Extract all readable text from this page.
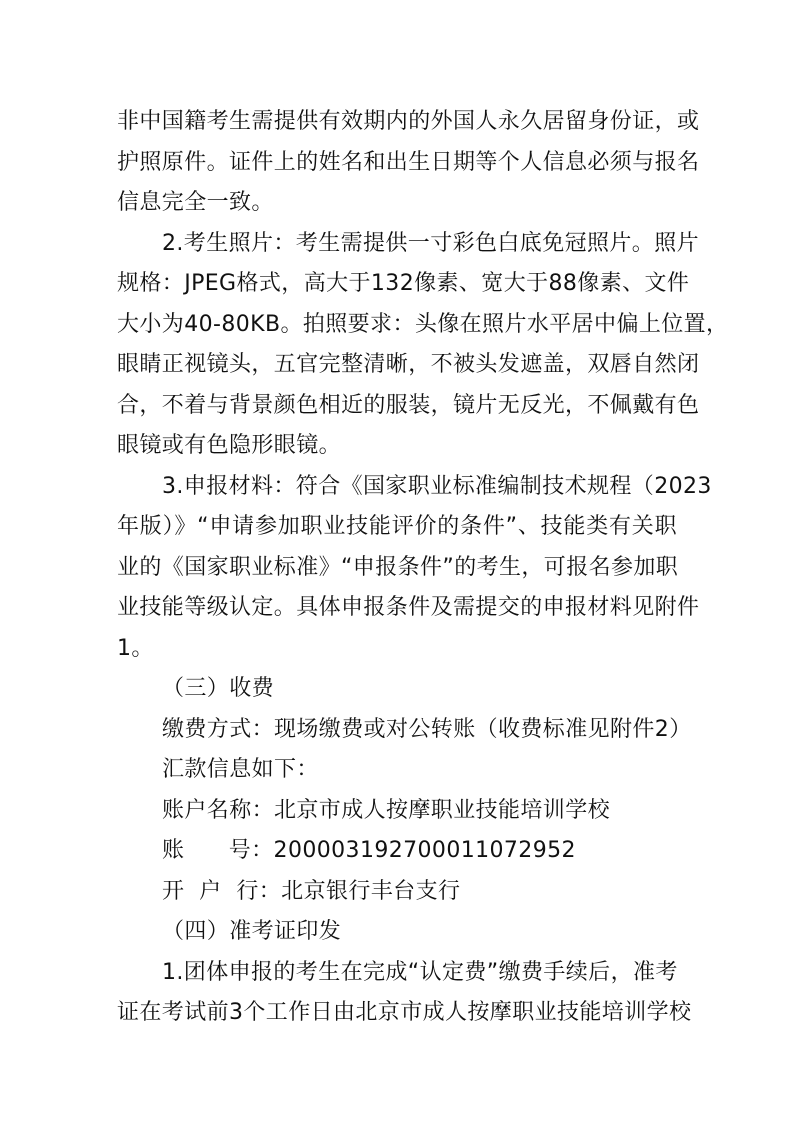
非中国籍考生需提供有效期内的外国人永久居留身份证，或
护照原件。证件上的姓名和出生日期等个人信息必须与报名
信息完全一致。
2.考生照片：考生需提供一寸彩色白底免冠照片。照片
规格：JPEG格式，高大于132像素、宽大于88像素、文件
大小为40-80KB。拍照要求：头像在照片水平居中偏上位置，
眼睛正视镜头，五官完整清晰，不被头发遮盖，双唇自然闭
合，不着与背景颜色相近的服装，镜片无反光，不佩戴有色
眼镜或有色隐形眼镜。
3.申报材料：符合《国家职业标准编制技术规程（2023
年版）》“申请参加职业技能评价的条件”、技能类有关职
业的《国家职业标准》“申报条件”的考生，可报名参加职
业技能等级认定。具体申报条件及需提交的申报材料见附件
1。
（三）收费
缴费方式：现场缴费或对公转账（收费标准见附件2）
汇款信息如下：
账户名称：北京市成人按摩职业技能培训学校
账      号：200003192700011072952
开  户  行：北京银行丰台支行
（四）准考证印发
1.团体申报的考生在完成“认定费”缴费手续后，准考
证在考试前3个工作日由北京市成人按摩职业技能培训学校
